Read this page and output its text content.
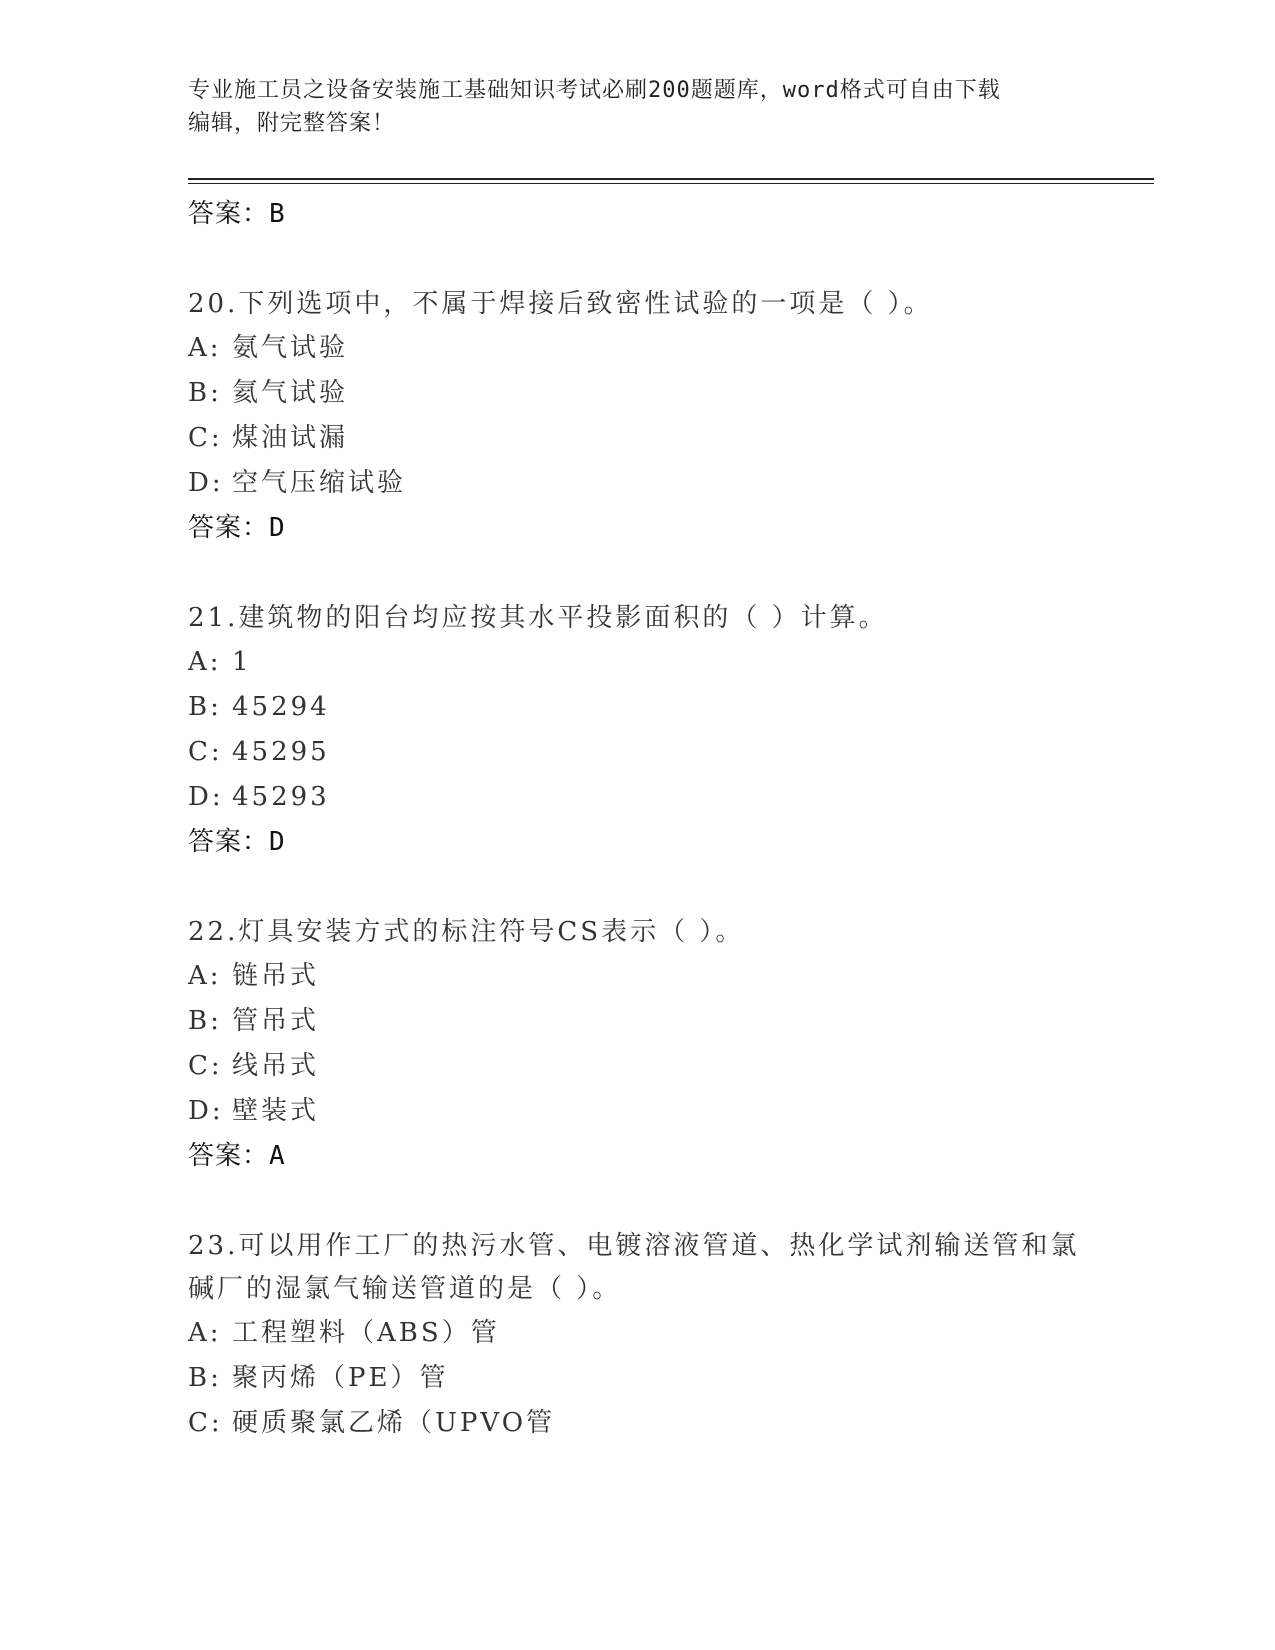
专业施工员之设备安装施工基础知识考试必刷200题题库，word格式可自由下载
编辑，附完整答案！
答案：B
20.下列选项中，不属于焊接后致密性试验的一项是（ ）。
A: 氨气试验
B: 氦气试验
C: 煤油试漏
D: 空气压缩试验
答案：D
21.建筑物的阳台均应按其水平投影面积的（ ）计算。
A: 1
B: 45294
C: 45295
D: 45293
答案：D
22.灯具安装方式的标注符号CS表示（ ）。
A: 链吊式
B: 管吊式
C: 线吊式
D: 壁装式
答案：A
23.可以用作工厂的热污水管、电镀溶液管道、热化学试剂输送管和氯碱厂的湿氯气输送管道的是（ ）。
A: 工程塑料（ABS）管
B: 聚丙烯（PE）管
C: 硬质聚氯乙烯（UPVO管
